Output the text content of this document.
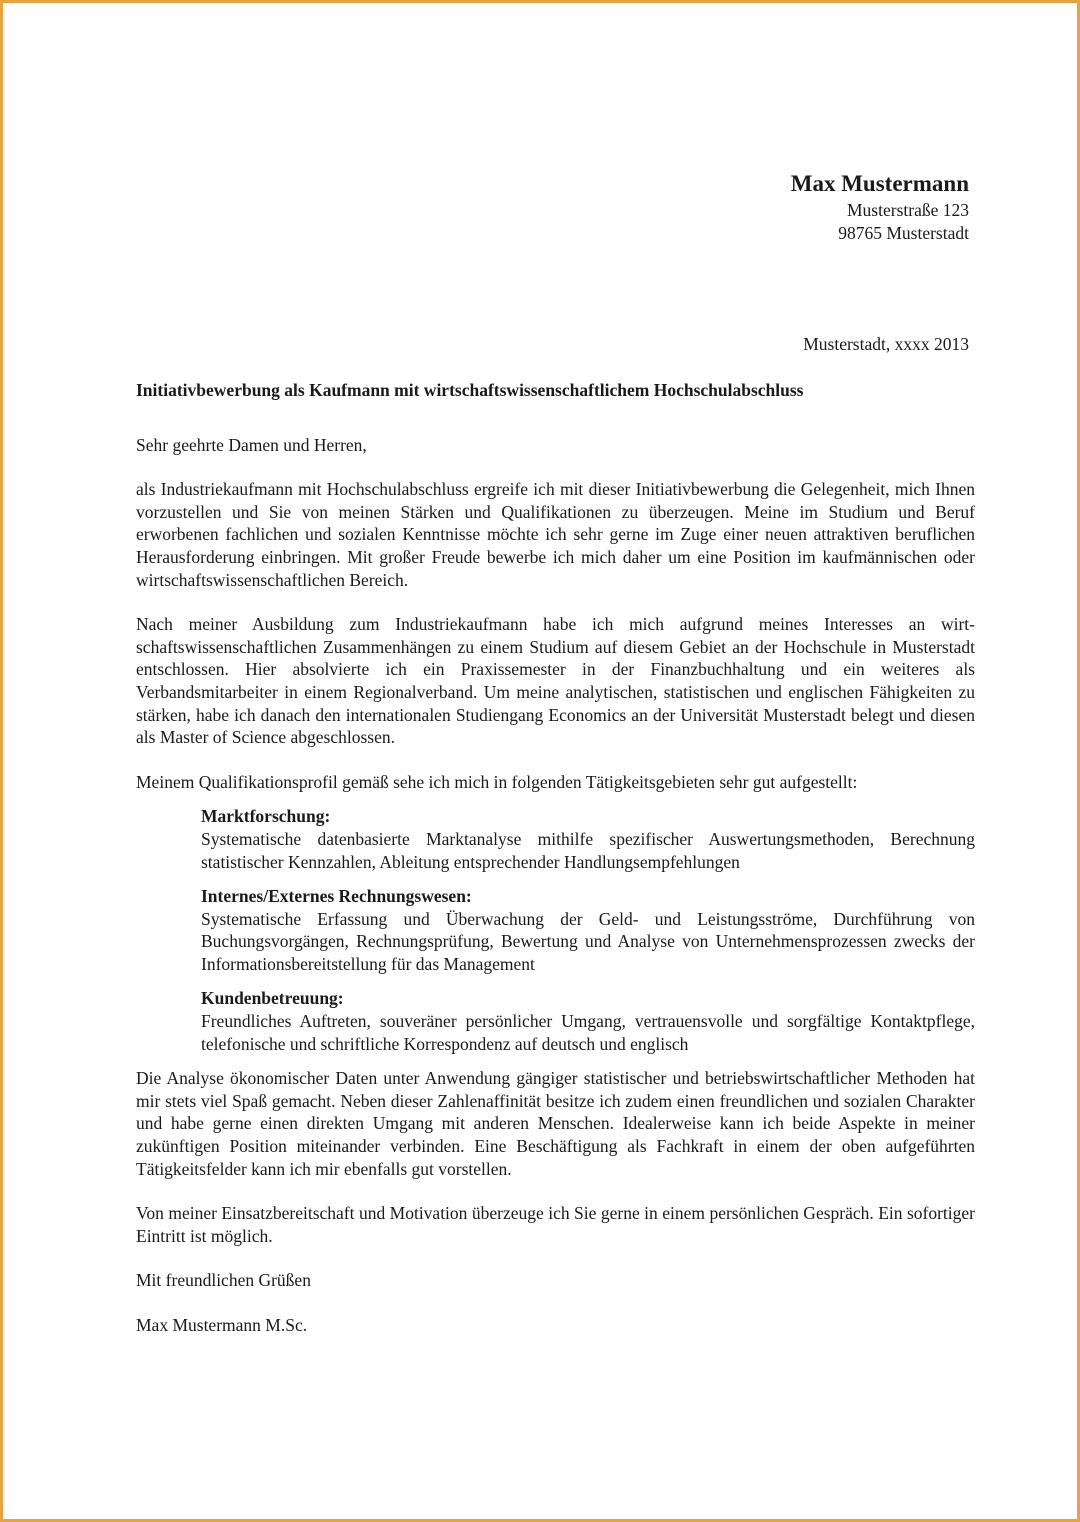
Max Mustermann
Musterstraße 123
98765 Musterstadt
Musterstadt, xxxx 2013

Initiativbewerbung als Kaufmann mit wirtschaftswissenschaftlichem Hochschulabschluss

Sehr geehrte Damen und Herren,

als Industriekaufmann mit Hochschulabschluss ergreife ich mit dieser Initiativbewerbung die Gelegenheit, mich Ihnen vorzustellen und Sie von meinen Stärken und Qualifikationen zu überzeugen. Meine im Studium und Beruf erworbenen fachlichen und sozialen Kenntnisse möchte ich sehr gerne im Zuge einer neuen attraktiven beruflichen Herausforderung einbringen. Mit großer Freude bewerbe ich mich daher um eine Position im kaufmännischen oder wirtschaftswissenschaftlichen Bereich.

Nach meiner Ausbildung zum Industriekaufmann habe ich mich aufgrund meines Interesses an wirtschaftswissenschaftlichen Zusammenhängen zu einem Studium auf diesem Gebiet an der Hochschule in Musterstadt entschlossen. Hier absolvierte ich ein Praxissemester in der Finanzbuchhaltung und ein weiteres als Verbandsmitarbeiter in einem Regionalverband. Um meine analytischen, statistischen und englischen Fähigkeiten zu stärken, habe ich danach den internationalen Studiengang Economics an der Universität Musterstadt belegt und diesen als Master of Science abgeschlossen.

Meinem Qualifikationsprofil gemäß sehe ich mich in folgenden Tätigkeitsgebieten sehr gut aufgestellt:

Marktforschung:

Systematische datenbasierte Marktanalyse mithilfe spezifischer Auswertungsmethoden, Berechnung statistischer Kennzahlen, Ableitung entsprechender Handlungsempfehlungen

Internes/Externes Rechnungswesen:

Systematische Erfassung und Überwachung der Geld- und Leistungsströme, Durchführung von Buchungsvorgängen, Rechnungsprüfung, Bewertung und Analyse von Unternehmensprozessen zwecks der Informationsbereitstellung für das Management

Kundenbetreuung:

Freundliches Auftreten, souveräner persönlicher Umgang, vertrauensvolle und sorgfältige Kontaktpflege, telefonische und schriftliche Korrespondenz auf deutsch und englisch

Die Analyse ökonomischer Daten unter Anwendung gängiger statistischer und betriebswirtschaftlicher Methoden hat mir stets viel Spaß gemacht. Neben dieser Zahlenaffinität besitze ich zudem einen freundlichen und sozialen Charakter und habe gerne einen direkten Umgang mit anderen Menschen. Idealerweise kann ich beide Aspekte in meiner zukünftigen Position miteinander verbinden. Eine Beschäftigung als Fachkraft in einem der oben aufgeführten Tätigkeitsfelder kann ich mir ebenfalls gut vorstellen.

Von meiner Einsatzbereitschaft und Motivation überzeuge ich Sie gerne in einem persönlichen Gespräch. Ein sofortiger Eintritt ist möglich.

Mit freundlichen Grüßen

Max Mustermann M.Sc.
